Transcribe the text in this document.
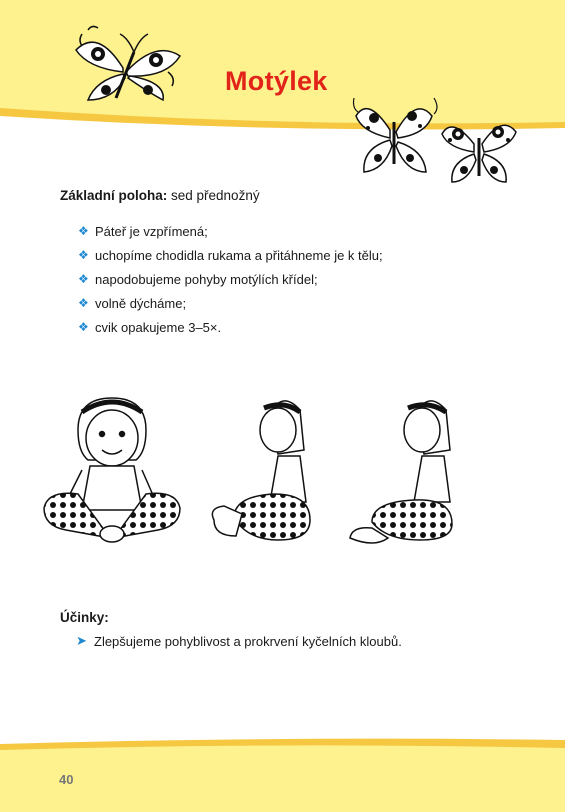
Motýlek
Základní poloha: sed přednožný
❖ Páteř je vzpřímená;
❖ uchopíme chodidla rukama a přitáhneme je k tělu;
❖ napodobujeme pohyby motýlích křídel;
❖ volně dýcháme;
❖ cvik opakujeme 3–5×.
Účinky:
➤ Zlepšujeme pohyblivost a prokrvení kyčelních kloubů.
40
